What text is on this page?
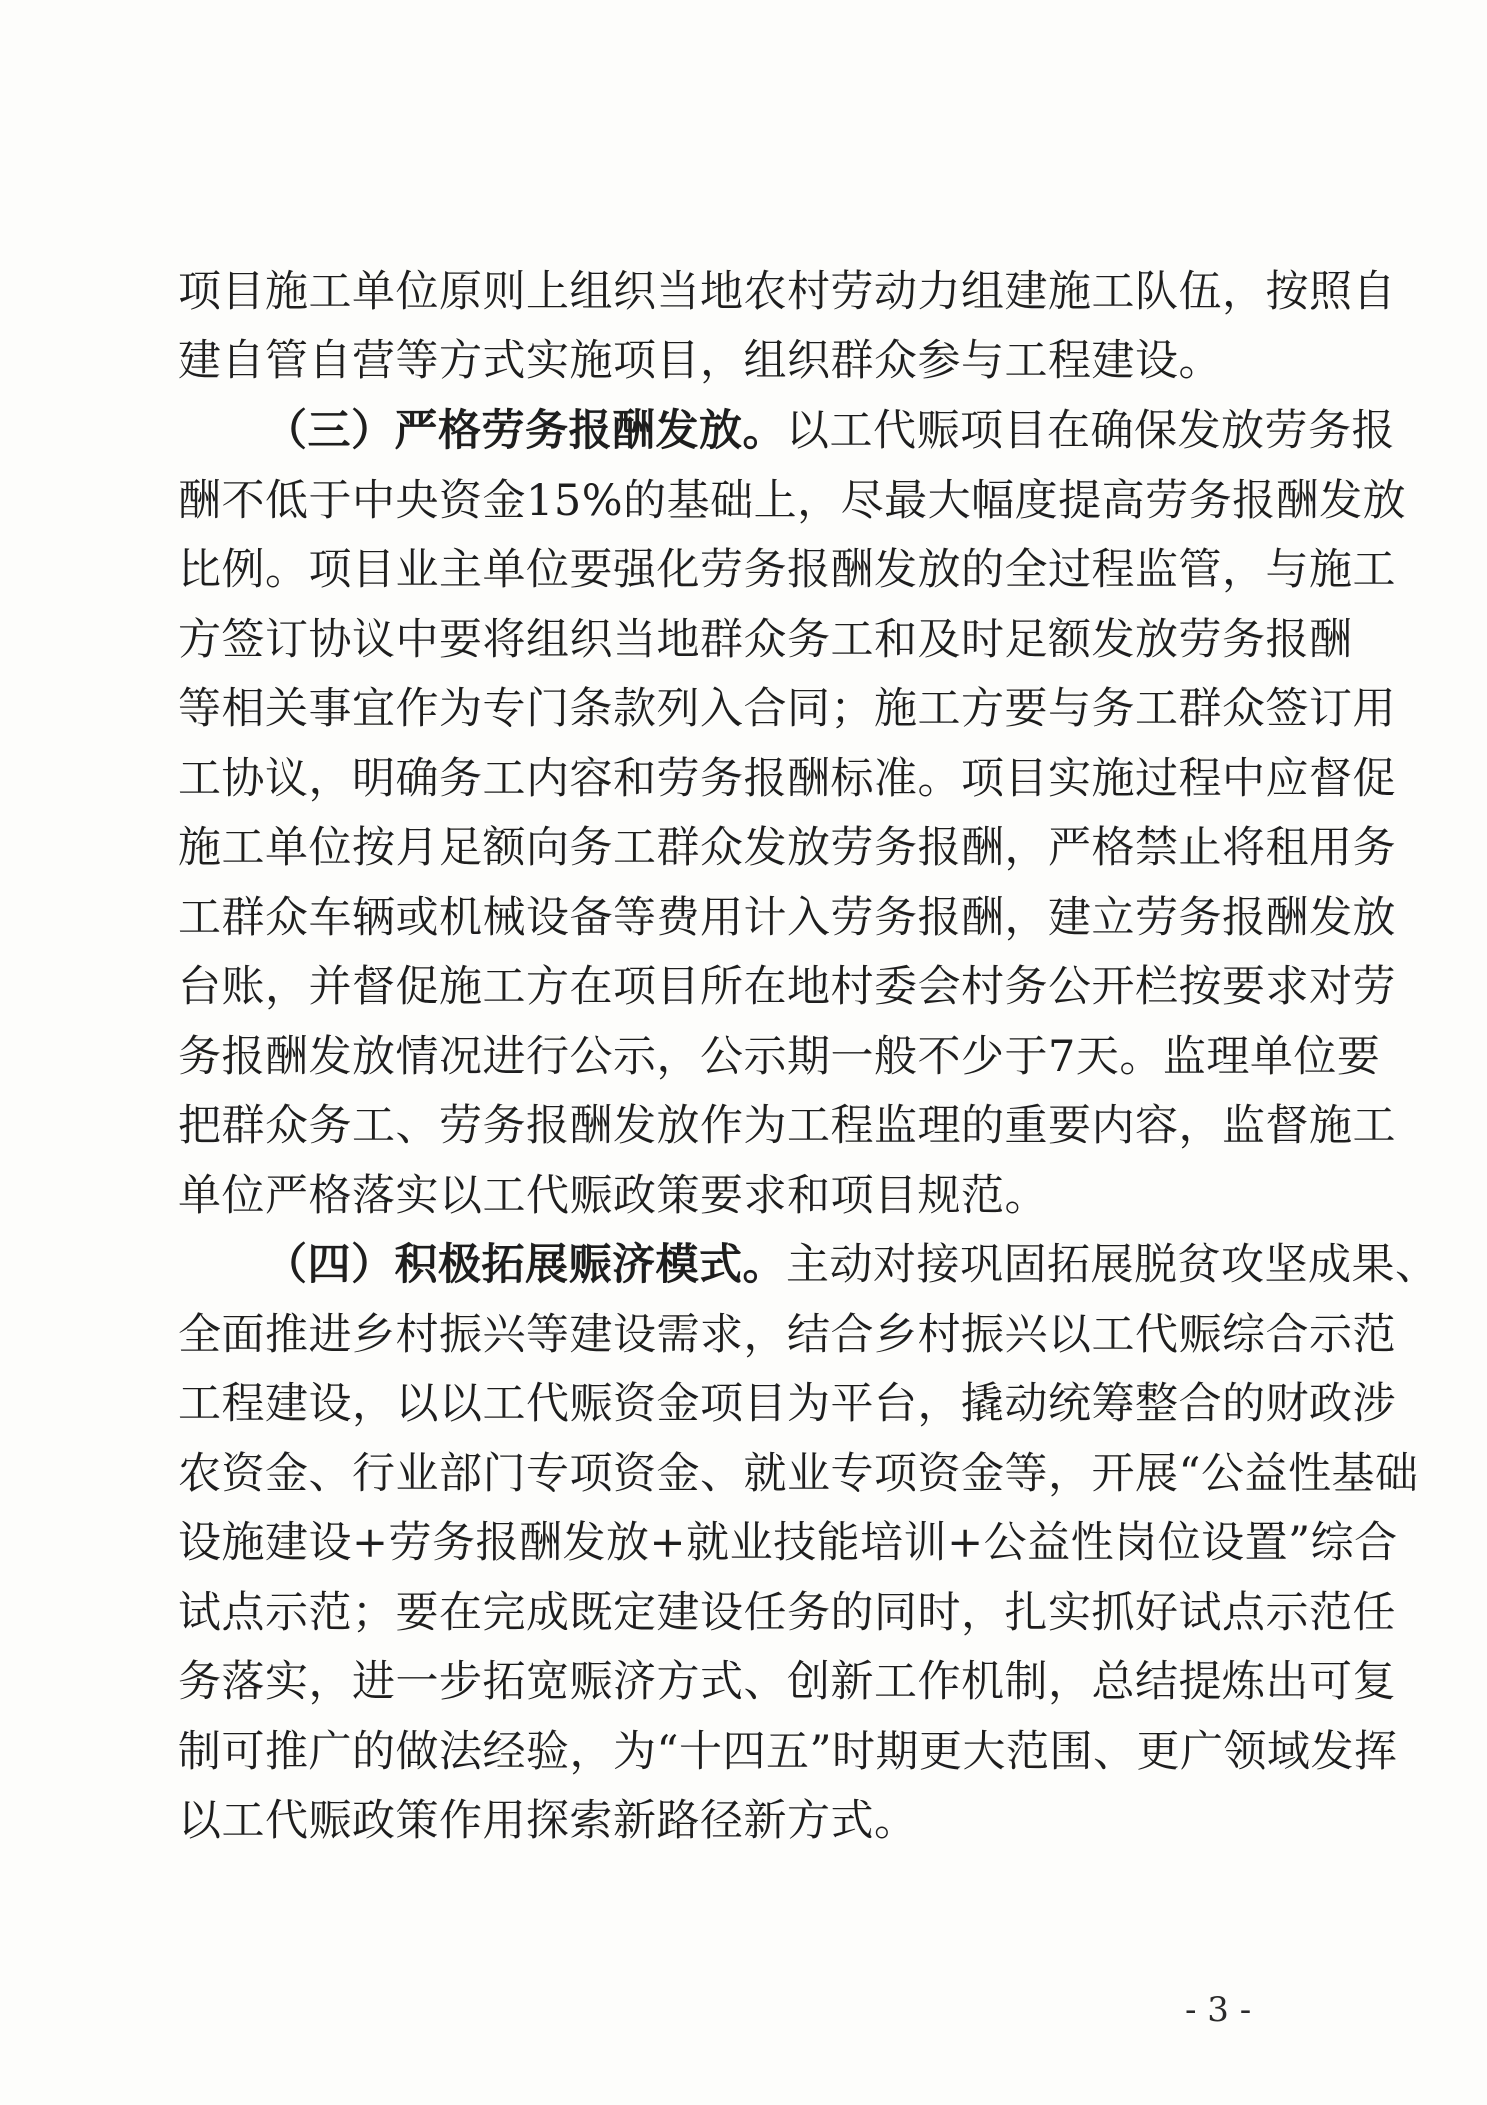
项 目 施 工 单 位 原 则 上 组 织 当 地 农 村 劳 动 力 组 建 施 工 队 伍 ， 按 照 自
建自管自营等方式实施项目，组织群众参与工程建设。
（三）严格劳务报酬发放。以工代赈项目在确保发放劳务报
酬 不 低 于 中 央 资 金 1 5 % 的 基 础 上 ， 尽 最 大 幅 度 提 高 劳 务 报 酬 发 放
比 例 。 项 目 业 主 单 位 要 强 化 劳 务 报 酬 发 放 的 全 过 程 监 管 ， 与 施 工
方 签 订 协 议 中 要 将 组 织 当 地 群 众 务 工 和 及 时 足 额 发 放 劳 务 报 酬
等 相 关 事 宜 作 为 专 门 条 款 列 入 合 同 ； 施 工 方 要 与 务 工 群 众 签 订 用
工 协 议 ， 明 确 务 工 内 容 和 劳 务 报 酬 标 准 。 项 目 实 施 过 程 中 应 督 促
施 工 单 位 按 月 足 额 向 务 工 群 众 发 放 劳 务 报 酬 ， 严 格 禁 止 将 租 用 务
工 群 众 车 辆 或 机 械 设 备 等 费 用 计 入 劳 务 报 酬 ， 建 立 劳 务 报 酬 发 放
台 账 ， 并 督 促 施 工 方 在 项 目 所 在 地 村 委 会 村 务 公 开 栏 按 要 求 对 劳
务 报 酬 发 放 情 况 进 行 公 示 ， 公 示 期 一 般 不 少 于 7 天 。 监 理 单 位 要
把 群 众 务 工 、 劳 务 报 酬 发 放 作 为 工 程 监 理 的 重 要 内 容 ， 监 督 施 工
单位严格落实以工代赈政策要求和项目规范。
（四）积极拓展赈济模式。主动对接巩固拓展脱贫攻坚成果、
全 面 推 进 乡 村 振 兴 等 建 设 需 求 ， 结 合 乡 村 振 兴 以 工 代 赈 综 合 示 范
工 程 建 设 ， 以 以 工 代 赈 资 金 项 目 为 平 台 ， 撬 动 统 筹 整 合 的 财 政 涉
农 资 金 、 行 业 部 门 专 项 资 金 、 就 业 专 项 资 金 等 ， 开 展 “ 公 益 性 基 础
设 施 建 设 + 劳 务 报 酬 发 放 + 就 业 技 能 培 训 + 公 益 性 岗 位 设 置 ” 综 合
试 点 示 范 ； 要 在 完 成 既 定 建 设 任 务 的 同 时 ， 扎 实 抓 好 试 点 示 范 任
务 落 实 ， 进 一 步 拓 宽 赈 济 方 式 、 创 新 工 作 机 制 ， 总 结 提 炼 出 可 复
制 可 推 广 的 做 法 经 验 ， 为 “ 十 四 五 ” 时 期 更 大 范 围 、 更 广 领 域 发 挥
以工代赈政策作用探索新路径新方式。
- 3 -
